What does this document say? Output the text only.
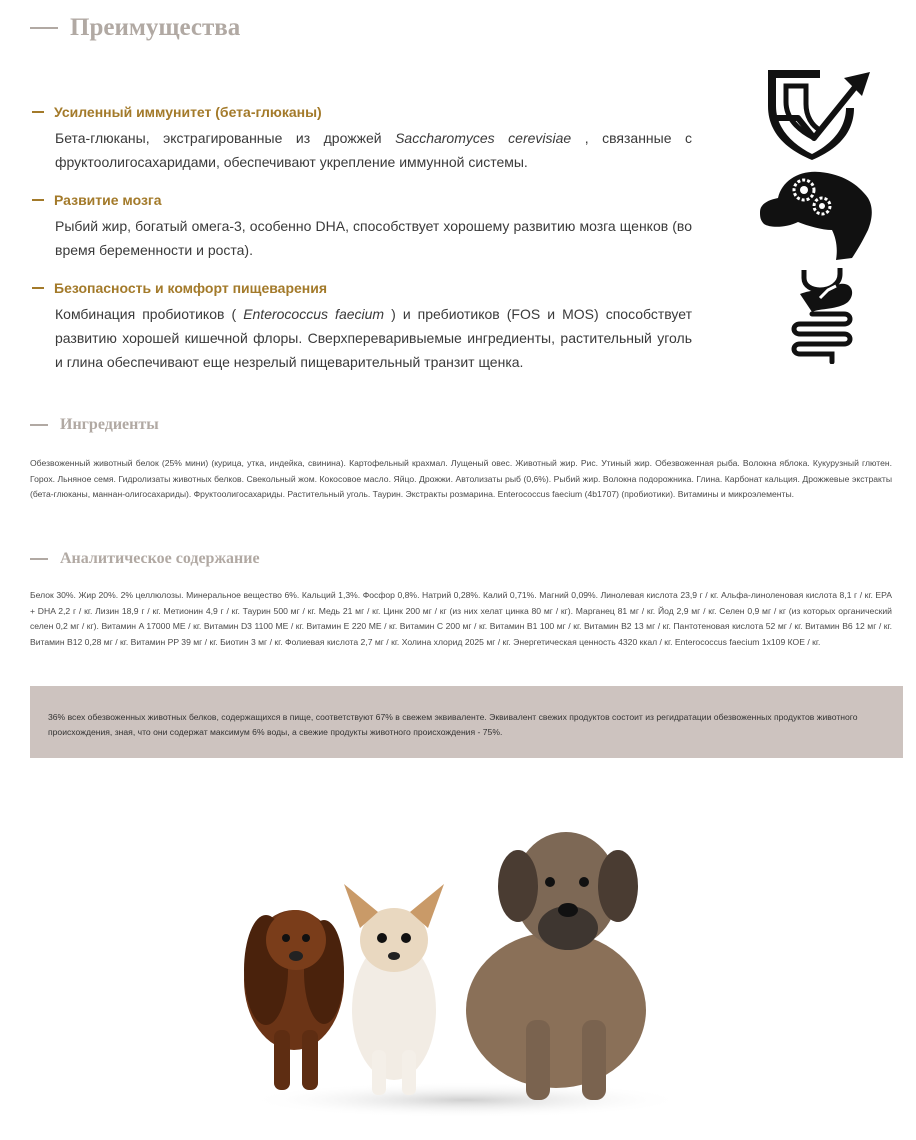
Преимущества
Усиленный иммунитет (бета-глюканы)
Бета-глюканы, экстрагированные из дрожжей Saccharomyces cerevisiae , связанные с фруктоолигосахаридами, обеспечивают укрепление иммунной системы.
Развитие мозга
Рыбий жир, богатый омега-3, особенно DHA, способствует хорошему развитию мозга щенков (во время беременности и роста).
Безопасность и комфорт пищеварения
Комбинация пробиотиков ( Enterococcus faecium ) и пребиотиков (FOS и MOS) способствует развитию хорошей кишечной флоры. Сверхпереваривыемые ингредиенты, растительный уголь и глина обеспечивают еще незрелый пищеварительный транзит щенка.
Ингредиенты
Обезвоженный животный белок (25% мини) (курица, утка, индейка, свинина). Картофельный крахмал. Лущеный овес. Животный жир. Рис. Утиный жир. Обезвоженная рыба. Волокна яблока. Кукурузный глютен. Горох. Льняное семя. Гидролизаты животных белков. Свекольный жом. Кокосовое масло. Яйцо. Дрожжи. Автолизаты рыб (0,6%). Рыбий жир. Волокна подорожника. Глина. Карбонат кальция. Дрожжевые экстракты (бета-глюканы, маннан-олигосахариды). Фруктоолигосахариды. Растительный уголь. Таурин. Экстракты розмарина. Enterococcus faecium (4b1707) (пробиотики). Витамины и микроэлементы.
Аналитическое содержание
Белок 30%. Жир 20%. 2% целлюлозы. Минеральное вещество 6%. Кальций 1,3%. Фосфор 0,8%. Натрий 0,28%. Калий 0,71%. Магний 0,09%. Линолевая кислота 23,9 г / кг. Альфа-линоленовая кислота 8,1 г / кг. EPA + DHA 2,2 г / кг. Лизин 18,9 г / кг. Метионин 4,9 г / кг. Таурин 500 мг / кг. Медь 21 мг / кг. Цинк 200 мг / кг (из них хелат цинка 80 мг / кг). Марганец 81 мг / кг. Йод 2,9 мг / кг. Селен 0,9 мг / кг (из которых органический селен 0,2 мг / кг). Витамин A 17000 МЕ / кг. Витамин D3 1100 МЕ / кг. Витамин E 220 МЕ / кг. Витамин C 200 мг / кг. Витамин B1 100 мг / кг. Витамин B2 13 мг / кг. Пантотеновая кислота 52 мг / кг. Витамин B6 12 мг / кг. Витамин B12 0,28 мг / кг. Витамин PP 39 мг / кг. Биотин 3 мг / кг. Фолиевая кислота 2,7 мг / кг. Холина хлорид 2025 мг / кг. Энергетическая ценность 4320 ккал / кг. Enterococcus faecium 1x109 КОЕ / кг.

36% всех обезвоженных животных белков, содержащихся в пище, соответствуют 67% в свежем эквиваленте. Эквивалент свежих продуктов состоит из регидратации обезвоженных продуктов животного происхождения, зная, что они содержат максимум 6% воды, а свежие продукты животного происхождения - 75%.
